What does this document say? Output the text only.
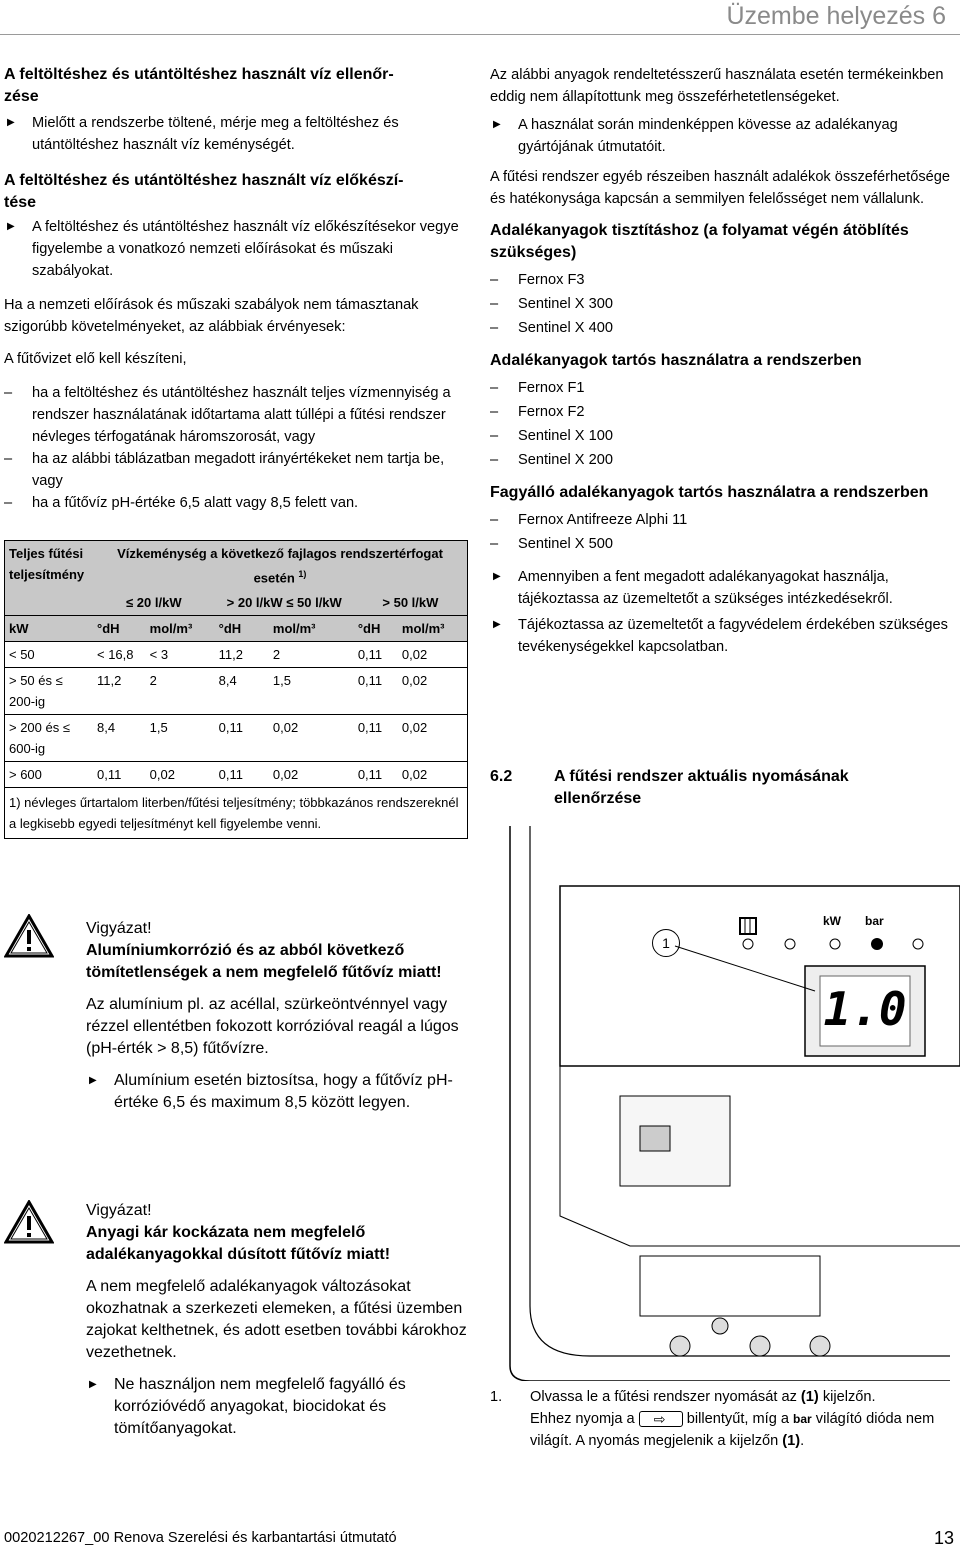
Üzembe helyezés 6

A feltöltéshez és utántöltéshez használt víz ellenőr-
zése

▶ Mielőtt a rendszerbe töltené, mérje meg a feltöltéshez és utántöltéshez használt víz keménységét.

A feltöltéshez és utántöltéshez használt víz előkészí-
tése

▶ A feltöltéshez és utántöltéshez használt víz előkészítésekor vegye figyelembe a vonatkozó nemzeti előírásokat és műszaki szabályokat.

Ha a nemzeti előírások és műszaki szabályok nem támasztanak szigorúbb követelményeket, az alábbiak érvényesek:

A fűtővizet elő kell készíteni,

– ha a feltöltéshez és utántöltéshez használt teljes vízmennyiség a rendszer használatának időtartama alatt túllépi a fűtési rendszer névleges térfogatának háromszorosát, vagy

– ha az alábbi táblázatban megadott irányértékeket nem tartja be, vagy

– ha a fűtővíz pH-értéke 6,5 alatt vagy 8,5 felett van.

Teljes fűtési teljesítmény	Vízkeménység a következő fajlagos rendszertérfogat esetén $^{1)}$
	≤ 20 l/kW		> 20 l/kW ≤ 50 l/kW		> 50 l/kW	
kW	°dH	mol/m³	°dH	mol/m³	°dH	mol/m³
< 50	< 16,8	< 3	11,2	2	0,11	0,02
> 50 és ≤ 200-ig	11,2	2	8,4	1,5	0,11	0,02
> 200 és ≤ 600-ig	8,4	1,5	0,11	0,02	0,11	0,02
> 600	0,11	0,02	0,11	0,02	0,11	0,02
1) névleges űrtartalom literben/fűtési teljesítmény; többkazános rendszereknél a legkisebb egyedi teljesítményt kell figyelembe venni.						

Vigyázat!

Alumíniumkorrózió és az abból következő tömítetlenségek a nem megfelelő fűtővíz miatt!

Az alumínium pl. az acéllal, szürkeöntvénnyel vagy rézzel ellentétben fokozott korrózióval reagál a lúgos (pH-érték > 8,5) fűtővízre.

▶ Alumínium esetén biztosítsa, hogy a fűtővíz pH-értéke 6,5 és maximum 8,5 között legyen.

Vigyázat!

Anyagi kár kockázata nem megfelelő adalékanyagokkal dúsított fűtővíz miatt!

A nem megfelelő adalékanyagok változásokat okozhatnak a szerkezeti elemeken, a fűtési üzemben zajokat kelthetnek, és adott esetben további károkhoz vezethetnek.

▶ Ne használjon nem megfelelő fagyálló és korrózióvédő anyagokat, biocidokat és tömítőanyagokat.

Az alábbi anyagok rendeltetésszerű használata esetén termékeinkben eddig nem állapítottunk meg összeférhetetlenségeket.

▶ A használat során mindenképpen kövesse az adalékanyag gyártójának útmutatóit.

A fűtési rendszer egyéb részeiben használt adalékok összeférhetősége és hatékonysága kapcsán a semmilyen felelősséget nem vállalunk.

Adalékanyagok tisztításhoz (a folyamat végén átöblítés szükséges)

– Fernox F3

– Sentinel X 300

– Sentinel X 400

Adalékanyagok tartós használatra a rendszerben

– Fernox F1

– Fernox F2

– Sentinel X 100

– Sentinel X 200

Fagyálló adalékanyagok tartós használatra a rendszerben

– Fernox Antifreeze Alphi 11

– Sentinel X 500

▶ Amennyiben a fent megadott adalékanyagokat használja, tájékoztassa az üzemeltetőt a szükséges intézkedésekről.

▶ Tájékoztassa az üzemeltetőt a fagyvédelem érdekében szükséges tevékenységekkel kapcsolatban.

6.2	A fűtési rendszer aktuális nyomásának ellenőrzése
1
1.0
kW bar
1. Olvassa le a fűtési rendszer nyomását az (1) kijelzőn.
Ehhez nyomja a ⇨	billentyűt, míg a bar világító dióda nem világít. A nyomás megjelenik a kijelzőn (1).
0020212267_00 Renova Szerelési és karbantartási útmutató	13
